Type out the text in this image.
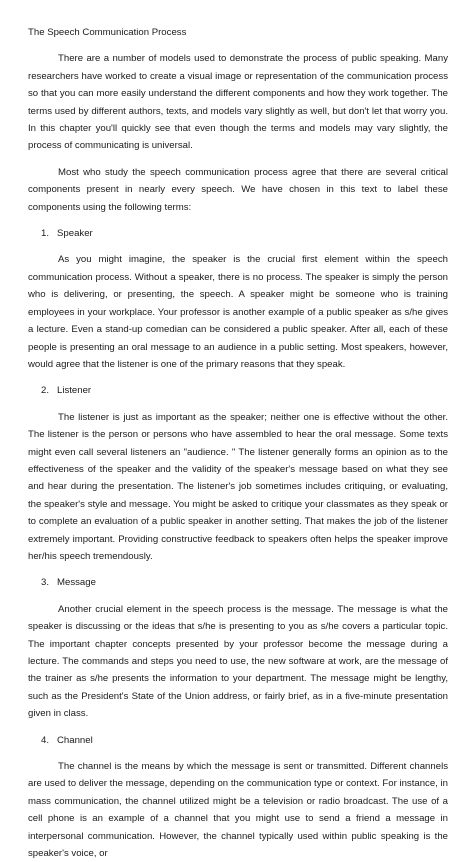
The Speech Communication Process

There are a number of models used to demonstrate the process of public speaking. Many researchers have worked to create a visual image or representation of the communication process so that you can more easily understand the different components and how they work together. The terms used by different authors, texts, and models vary slightly as well, but don't let that worry you. In this chapter you'll quickly see that even though the terms and models may vary slightly, the process of communicating is universal.

Most who study the speech communication process agree that there are several critical components present in nearly every speech. We have chosen in this text to label these components using the following terms:

1. Speaker

As you might imagine, the speaker is the crucial first element within the speech communication process. Without a speaker, there is no process. The speaker is simply the person who is delivering, or presenting, the speech. A speaker might be someone who is training employees in your workplace. Your professor is another example of a public speaker as s/he gives a lecture. Even a stand-up comedian can be considered a public speaker. After all, each of these people is presenting an oral message to an audience in a public setting. Most speakers, however, would agree that the listener is one of the primary reasons that they speak.

2. Listener

The listener is just as important as the speaker; neither one is effective without the other. The listener is the person or persons who have assembled to hear the oral message. Some texts might even call several listeners an "audience. " The listener generally forms an opinion as to the effectiveness of the speaker and the validity of the speaker's message based on what they see and hear during the presentation. The listener's job sometimes includes critiquing, or evaluating, the speaker's style and message. You might be asked to critique your classmates as they speak or to complete an evaluation of a public speaker in another setting. That makes the job of the listener extremely important. Providing constructive feedback to speakers often helps the speaker improve her/his speech tremendously.

3. Message

Another crucial element in the speech process is the message. The message is what the speaker is discussing or the ideas that s/he is presenting to you as s/he covers a particular topic. The important chapter concepts presented by your professor become the message during a lecture. The commands and steps you need to use, the new software at work, are the message of the trainer as s/he presents the information to your department. The message might be lengthy, such as the President's State of the Union address, or fairly brief, as in a five-minute presentation given in class.

4. Channel

The channel is the means by which the message is sent or transmitted. Different channels are used to deliver the message, depending on the communication type or context. For instance, in mass communication, the channel utilized might be a television or radio broadcast. The use of a cell phone is an example of a channel that you might use to send a friend a message in interpersonal communication. However, the channel typically used within public speaking is the speaker's voice, or
